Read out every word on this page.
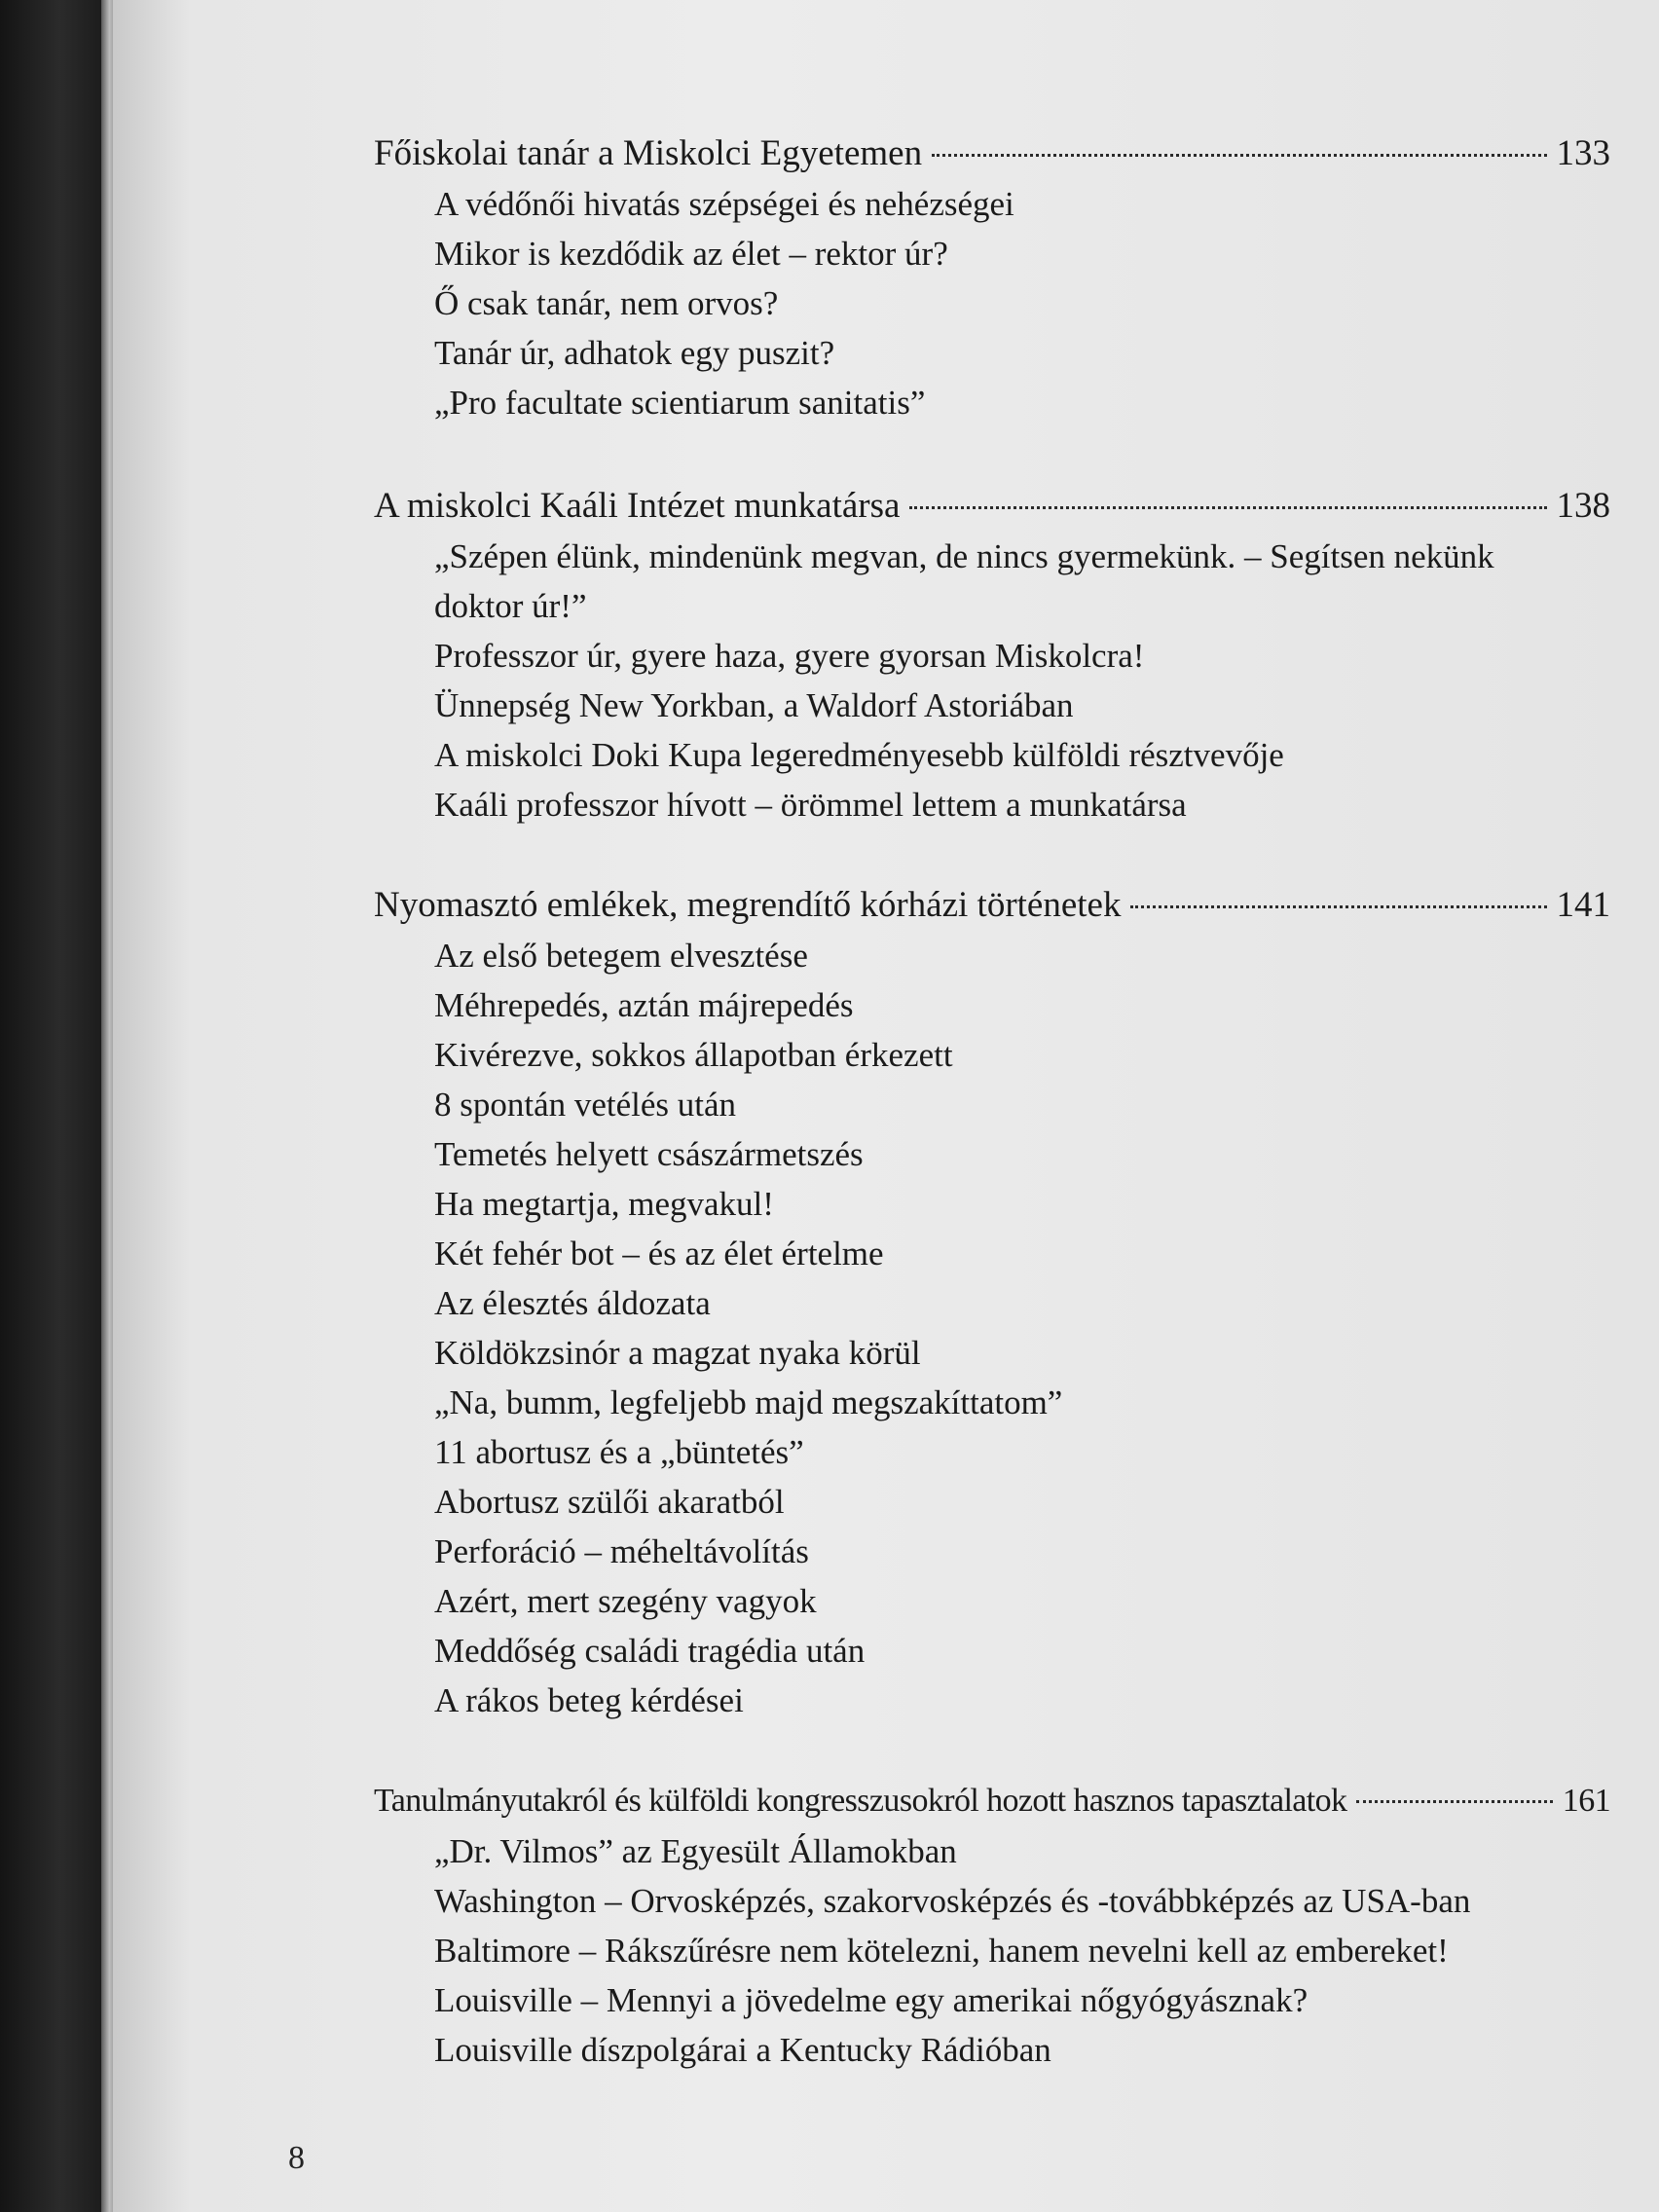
Főiskolai tanár a Miskolci Egyetemen	133
A védőnői hivatás szépségei és nehézségei
Mikor is kezdődik az élet – rektor úr?
Ő csak tanár, nem orvos?
Tanár úr, adhatok egy puszit?
„Pro facultate scientiarum sanitatis”
A miskolci Kaáli Intézet munkatársa	138
„Szépen élünk, mindenünk megvan, de nincs gyermekünk. – Segítsen nekünk doktor úr!”
Professzor úr, gyere haza, gyere gyorsan Miskolcra!
Ünnepség New Yorkban, a Waldorf Astoriában
A miskolci Doki Kupa legeredményesebb külföldi résztvevője
Kaáli professzor hívott – örömmel lettem a munkatársa
Nyomasztó emlékek, megrendítő kórházi történetek	141
Az első betegem elvesztése
Méhrepedés, aztán májrepedés
Kivérezve, sokkos állapotban érkezett
8 spontán vetélés után
Temetés helyett császármetszés
Ha megtartja, megvakul!
Két fehér bot – és az élet értelme
Az élesztés áldozata
Köldökzsinór a magzat nyaka körül
„Na, bumm, legfeljebb majd megszakíttatom”
11 abortusz és a „büntetés”
Abortusz szülői akaratból
Perforáció – méheltávolítás
Azért, mert szegény vagyok
Meddőség családi tragédia után
A rákos beteg kérdései
Tanulmányutakról és külföldi kongresszusokról hozott hasznos tapasztalatok	161
„Dr. Vilmos” az Egyesült Államokban
Washington – Orvosképzés, szakorvosképzés és -továbbképzés az USA-ban
Baltimore – Rákszűrésre nem kötelezni, hanem nevelni kell az embereket!
Louisville – Mennyi a jövedelme egy amerikai nőgyógyásznak?
Louisville díszpolgárai a Kentucky Rádióban
8
